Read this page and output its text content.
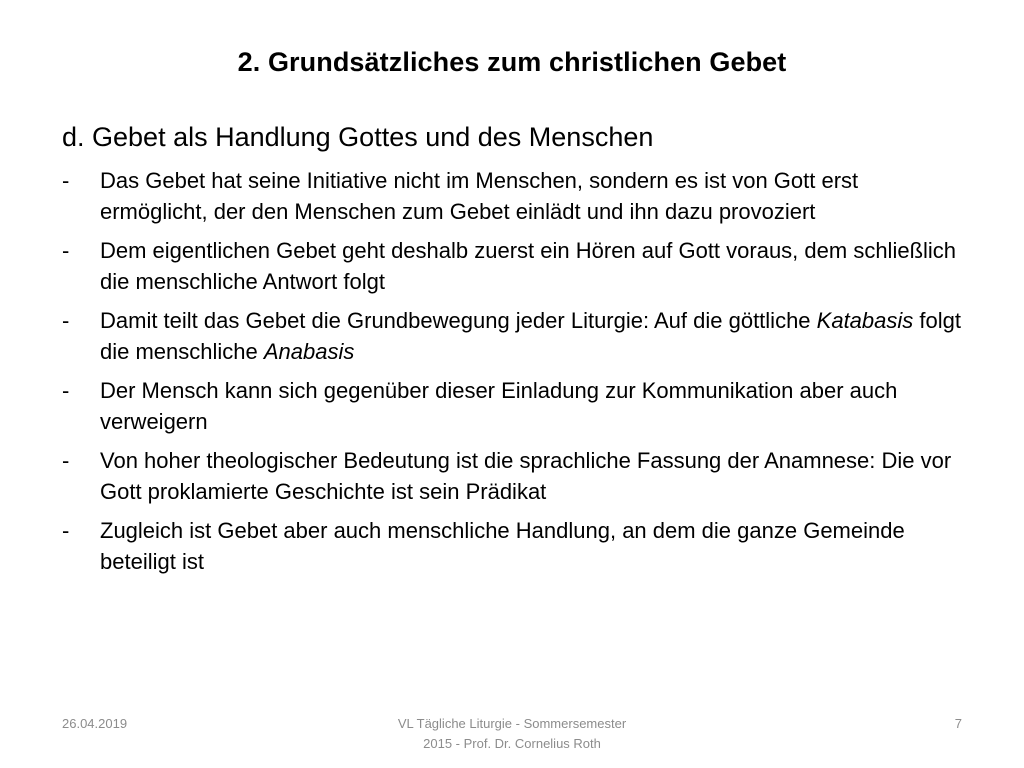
2. Grundsätzliches zum christlichen Gebet
d. Gebet als Handlung Gottes und des Menschen
-	Das Gebet hat seine Initiative nicht im Menschen, sondern es ist von Gott erst ermöglicht, der den Menschen zum Gebet einlädt und ihn dazu provoziert
-	Dem eigentlichen Gebet geht deshalb zuerst ein Hören auf Gott voraus, dem schließlich die menschliche Antwort folgt
-	Damit teilt das Gebet die Grundbewegung jeder Liturgie: Auf die göttliche Katabasis folgt die menschliche Anabasis
-	Der Mensch kann sich gegenüber dieser Einladung zur Kommunikation aber auch verweigern
-	Von hoher theologischer Bedeutung ist die sprachliche Fassung der Anamnese: Die vor Gott proklamierte Geschichte ist sein Prädikat
-	Zugleich ist Gebet aber auch menschliche Handlung, an dem die ganze Gemeinde beteiligt ist
26.04.2019	VL Tägliche Liturgie - Sommersemester
2015 - Prof. Dr. Cornelius Roth
7
